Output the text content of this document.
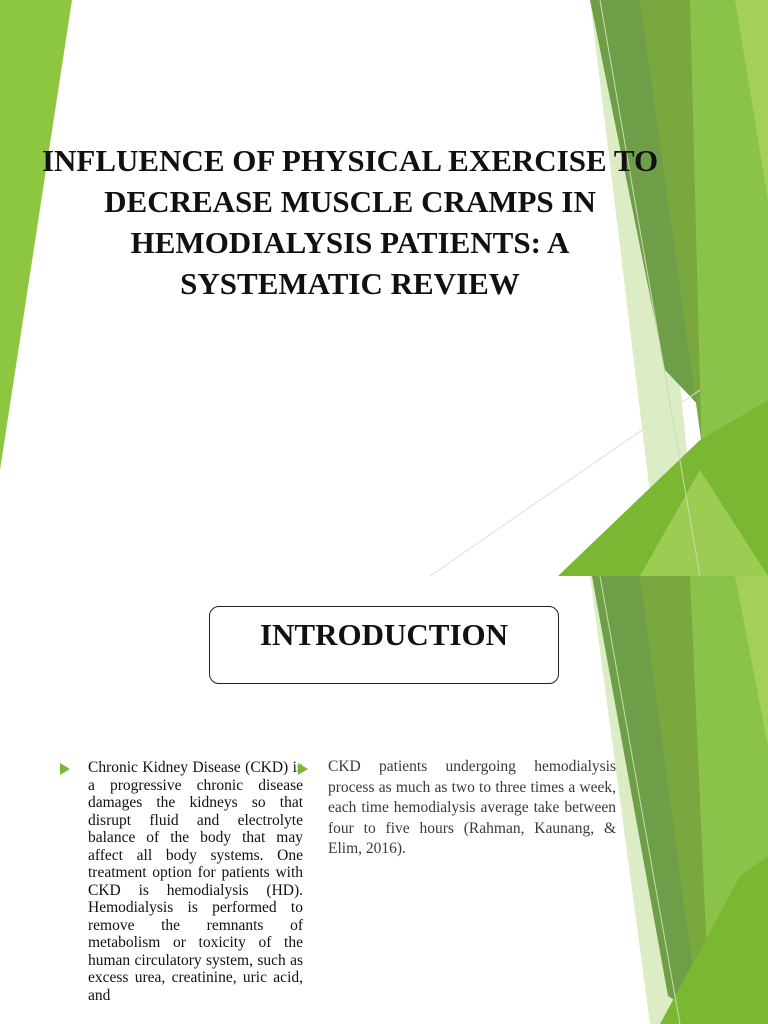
INFLUENCE OF PHYSICAL EXERCISE TO DECREASE MUSCLE CRAMPS IN HEMODIALYSIS PATIENTS: A SYSTEMATIC REVIEW
INTRODUCTION

Chronic Kidney Disease (CKD) is a progressive chronic disease damages the kidneys so that disrupt fluid and electrolyte balance of the body that may affect all body systems. One treatment option for patients with CKD is hemodialysis (HD). Hemodialysis is performed to remove the remnants of metabolism or toxicity of the human circulatory system, such as excess urea, creatinine, uric acid, and

CKD patients undergoing hemodialysis process as much as two to three times a week, each time hemodialysis average take between four to five hours (Rahman, Kaunang, & Elim, 2016).
